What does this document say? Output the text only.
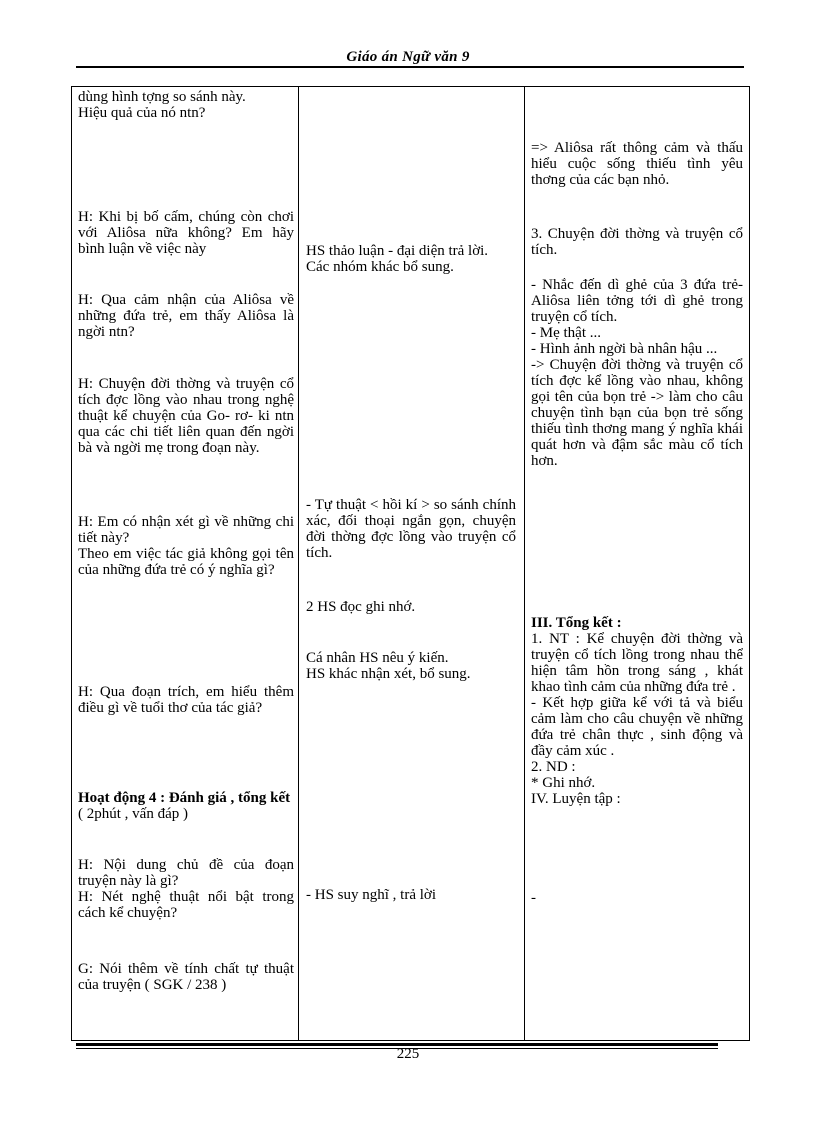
Giáo án Ngữ văn 9
dùng hình tợng so sánh này.
Hiệu quả của nó ntn?
H: Khi bị bố cấm, chúng còn chơi với Aliôsa nữa không? Em hãy bình luận về việc này
H: Qua cảm nhận của Aliôsa về những đứa trẻ, em thấy Aliôsa là ngời ntn?
H: Chuyện đời thờng và truyện cổ tích đợc lồng vào nhau trong nghệ thuật kể chuyện của Go- rơ- ki ntn qua các chi tiết liên quan đến ngời bà và ngời mẹ trong đoạn này.
H: Em có nhận xét gì về những chi tiết này?
Theo em việc tác giả không gọi tên của những đứa trẻ có ý nghĩa gì?
H: Qua đoạn trích, em hiểu thêm điều gì về tuổi thơ của tác giả?
Hoạt động 4 : Đánh giá , tổng kết
( 2phút , vấn đáp )
H: Nội dung chủ đề của đoạn truyện này là gì?
H: Nét nghệ thuật nổi bật trong cách kể chuyện?
G: Nói thêm về tính chất tự thuật của truyện ( SGK / 238 )
HS thảo luận - đại diện trả lời.
Các nhóm khác bổ sung.
- Tự thuật < hồi kí > so sánh chính xác, đối thoại ngắn gọn, chuyện đời thờng đợc lồng vào truyện cổ tích.
2 HS đọc ghi nhớ.
Cá nhân HS nêu ý kiến.
HS khác nhận xét, bổ sung.
- HS suy nghĩ , trả lời
=> Aliôsa rất thông cảm và thấu hiểu cuộc sống thiếu tình yêu thơng của các bạn nhỏ.
3. Chuyện đời thờng và truyện cổ tích.
- Nhắc đến dì ghẻ của 3 đứa trẻ- Aliôsa liên tởng tới dì ghẻ trong truyện cổ tích.
- Mẹ thật ...
- Hình ảnh ngời bà nhân hậu ...
-> Chuyện đời thờng và truyện cổ tích đợc kể lồng vào nhau, không gọi tên của bọn trẻ -> làm cho câu chuyện tình bạn của bọn trẻ sống thiếu tình thơng mang ý nghĩa khái quát hơn và đậm sắc màu cổ tích hơn.
III. Tổng kết :
1. NT : Kể chuyện đời thờng và truyện cổ tích lồng trong nhau thể hiện tâm hồn trong sáng , khát khao tình cảm của những đứa trẻ .
- Kết hợp giữa kể với tả và biểu cảm làm cho câu chuyện về những đứa trẻ chân thực , sinh động và đầy cảm xúc .
2. ND :
* Ghi nhớ.
IV. Luyện tập :
-
225
